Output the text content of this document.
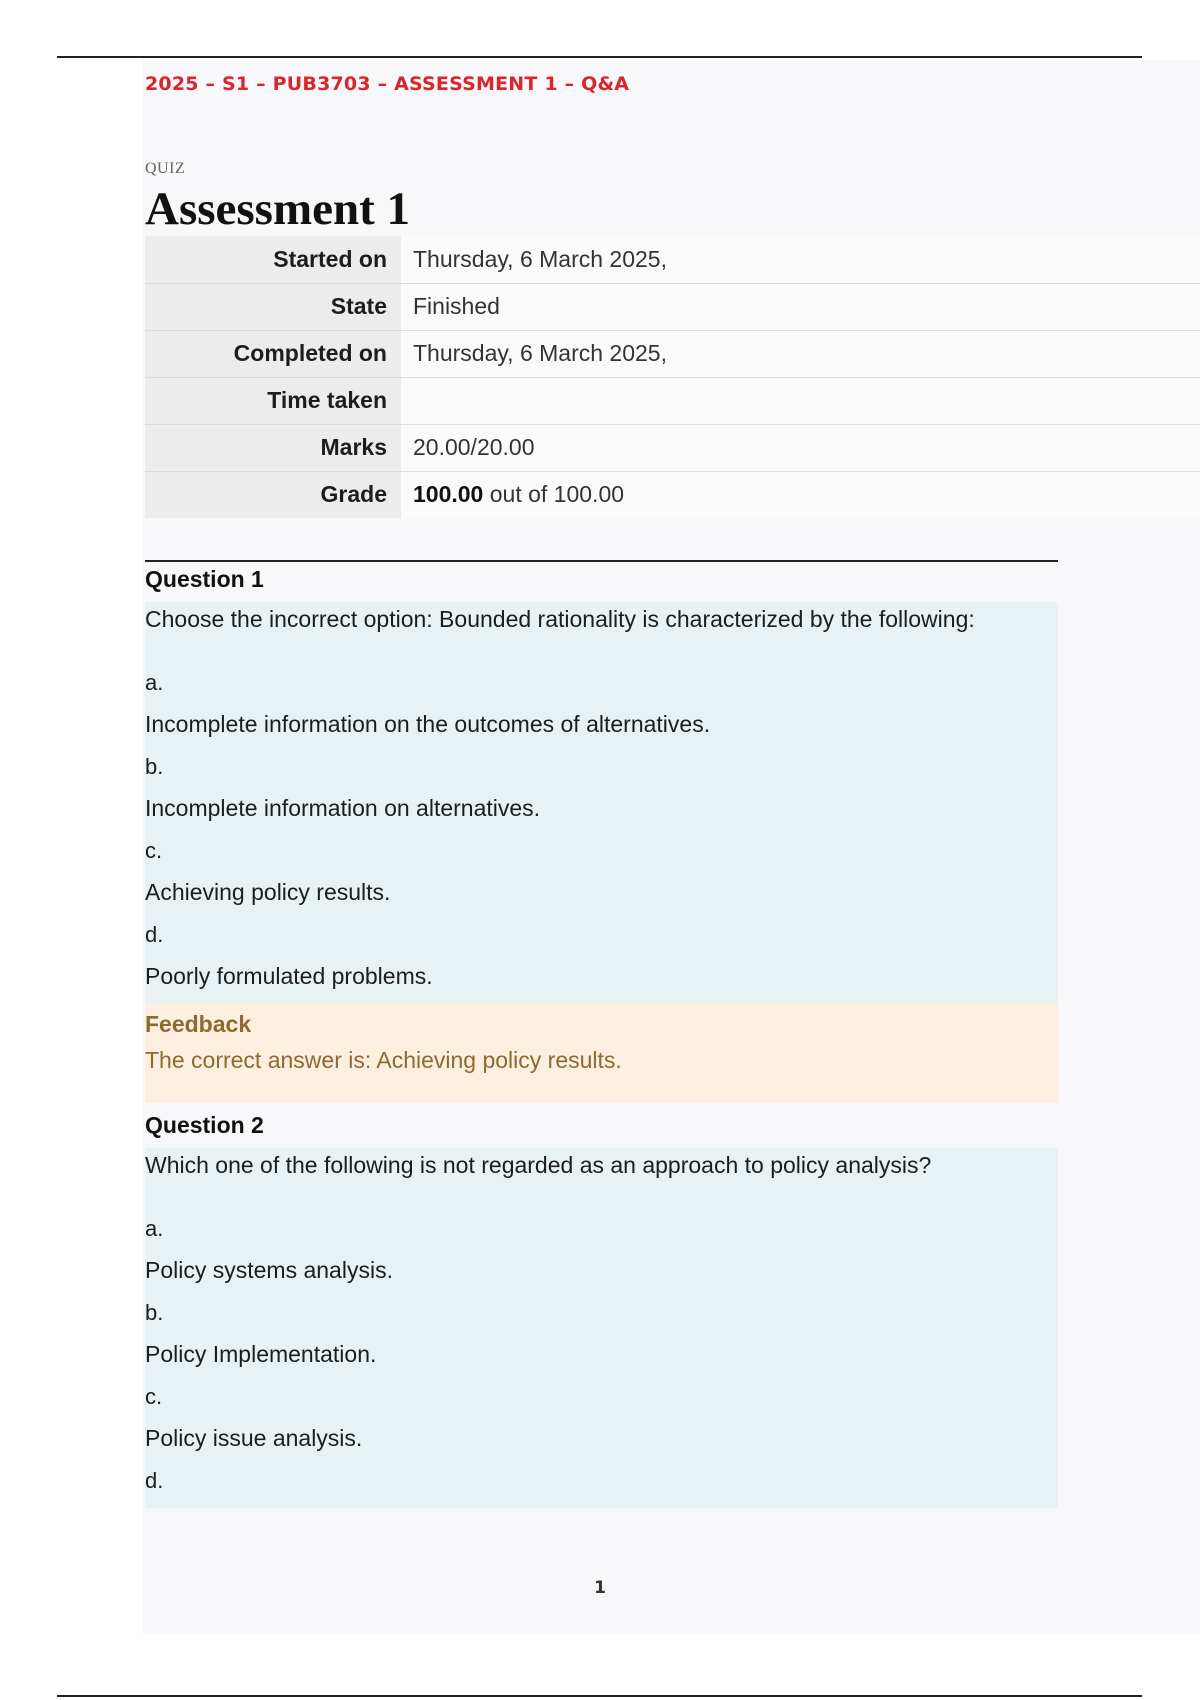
2025 – S1 – PUB3703 – ASSESSMENT 1 – Q&A
QUIZ
Assessment 1
Started on	Thursday, 6 March 2025,
State	Finished
Completed on	Thursday, 6 March 2025,
Time taken	
Marks	20.00/20.00
Grade	100.00 out of 100.00
Question 1
Choose the incorrect option: Bounded rationality is characterized by the following:
a.
Incomplete information on the outcomes of alternatives.
b.
Incomplete information on alternatives.
c.
Achieving policy results.
d.
Poorly formulated problems.
Feedback
The correct answer is: Achieving policy results.
Question 2
Which one of the following is not regarded as an approach to policy analysis?
a.
Policy systems analysis.
b.
Policy Implementation.
c.
Policy issue analysis.
d.
1
